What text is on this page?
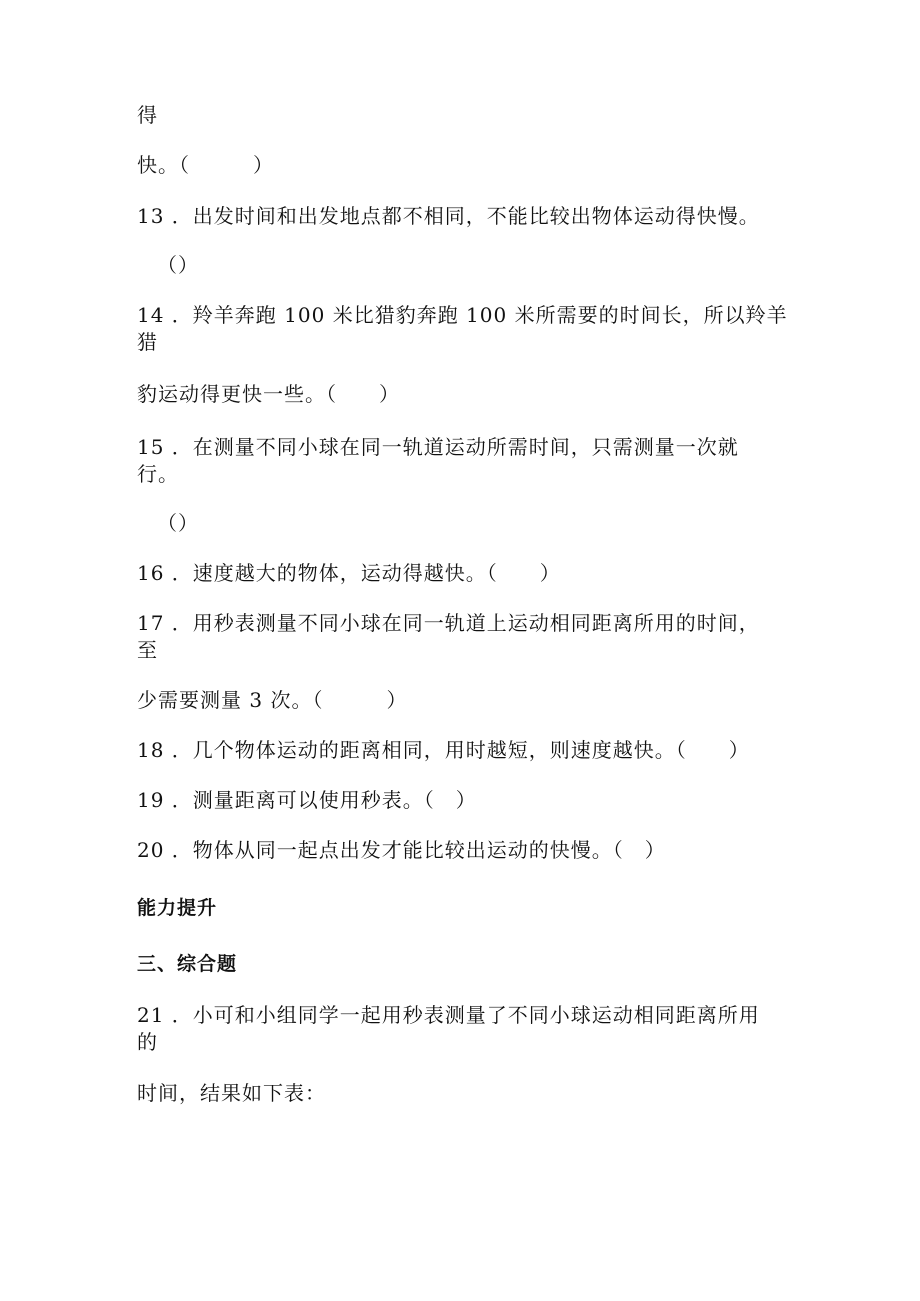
得
快。（　　　）
13 ．出发时间和出发地点都不相同，不能比较出物体运动得快慢。
（）
14 ．羚羊奔跑 100 米比猎豹奔跑 100 米所需要的时间长，所以羚羊
猎
豹运动得更快一些。（　　）
15 ．在测量不同小球在同一轨道运动所需时间，只需测量一次就
行。
（）
16 ．速度越大的物体，运动得越快。（　　）
17 ．用秒表测量不同小球在同一轨道上运动相同距离所用的时间，
至
少需要测量 3 次。（　　　）
18 ．几个物体运动的距离相同，用时越短，则速度越快。（　　）
19 ．测量距离可以使用秒表。（　）
20 ．物体从同一起点出发才能比较出运动的快慢。（　）
能力提升
三、综合题
21 ．小可和小组同学一起用秒表测量了不同小球运动相同距离所用
的
时间，结果如下表：
